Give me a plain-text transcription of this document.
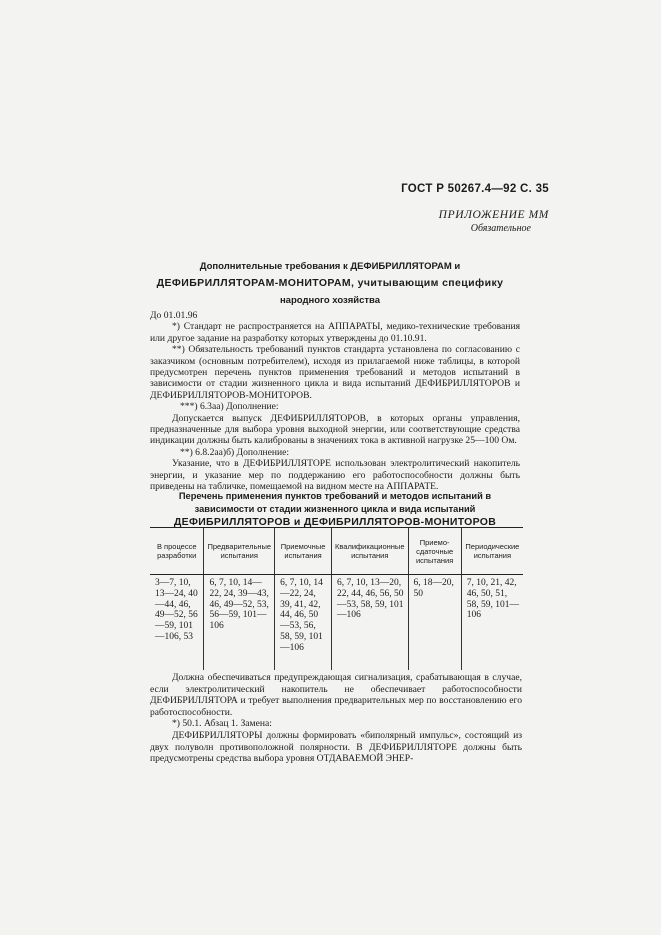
ГОСТ Р 50267.4—92 С. 35
ПРИЛОЖЕНИЕ ММ
Обязательное
Дополнительные требования к ДЕФИБРИЛЛЯТОРАМ и
ДЕФИБРИЛЛЯТОРАМ-МОНИТОРАМ, учитывающим специфику
народного хозяйства

До 01.01.96

*) Стандарт не распространяется на АППАРАТЫ, медико-технические требования или другое задание на разработку которых утверждены до 01.10.91.

**) Обязательность требований пунктов стандарта установлена по согласованию с заказчиком (основным потребителем), исходя из прилагаемой ниже таблицы, в которой предусмотрен перечень пунктов применения требований и методов испытаний в зависимости от стадии жизненного цикла и вида испытаний ДЕФИБРИЛЛЯТОРОВ и ДЕФИБРИЛЛЯТОРОВ-МОНИТОРОВ.

***) 6.3аа) Дополнение:

Допускается выпуск ДЕФИБРИЛЛЯТОРОВ, в которых органы управления, предназначенные для выбора уровня выходной энергии, или соответствующие средства индикации должны быть калиброваны в значениях тока в активной нагрузке 25—100 Ом.

**) 6.8.2аа)б) Дополнение:

Указание, что в ДЕФИБРИЛЛЯТОРЕ использован электролитический накопитель энергии, и указание мер по поддержанию его работоспособности должны быть приведены на табличке, помещаемой на видном месте на АППАРАТЕ.

Перечень применения пунктов требований и методов испытаний в
зависимости от стадии жизненного цикла и вида испытаний
ДЕФИБРИЛЛЯТОРОВ и ДЕФИБРИЛЛЯТОРОВ-МОНИТОРОВ
В процессе разработки	Предварительные испытания	Приемочные испытания	Квалификационные испытания	Приемо-сдаточные испытания	Периодические испытания
3—7, 10, 13—24, 40—44, 46, 49—52, 56—59, 101—106, 53	6, 7, 10, 14—22, 24, 39—43, 46, 49—52, 53, 56—59, 101—106	6, 7, 10, 14—22, 24, 39, 41, 42, 44, 46, 50—53, 56, 58, 59, 101—106	6, 7, 10, 13—20, 22, 44, 46, 56, 50—53, 58, 59, 101—106	6, 18—20, 50	7, 10, 21, 42, 46, 50, 51, 58, 59, 101—106

Должна обеспечиваться предупреждающая сигнализация, срабатывающая в случае, если электролитический накопитель не обеспечивает работоспособности ДЕФИБРИЛЛЯТОРА и требует выполнения предварительных мер по восстановлению его работоспособности.

*) 50.1. Абзац 1. Замена:

ДЕФИБРИЛЛЯТОРЫ должны формировать «биполярный импульс», состоящий из двух полуволн противоположной полярности. В ДЕФИБРИЛЛЯТОРЕ должны быть предусмотрены средства выбора уровня ОТДАВАЕМОЙ ЭНЕР-
